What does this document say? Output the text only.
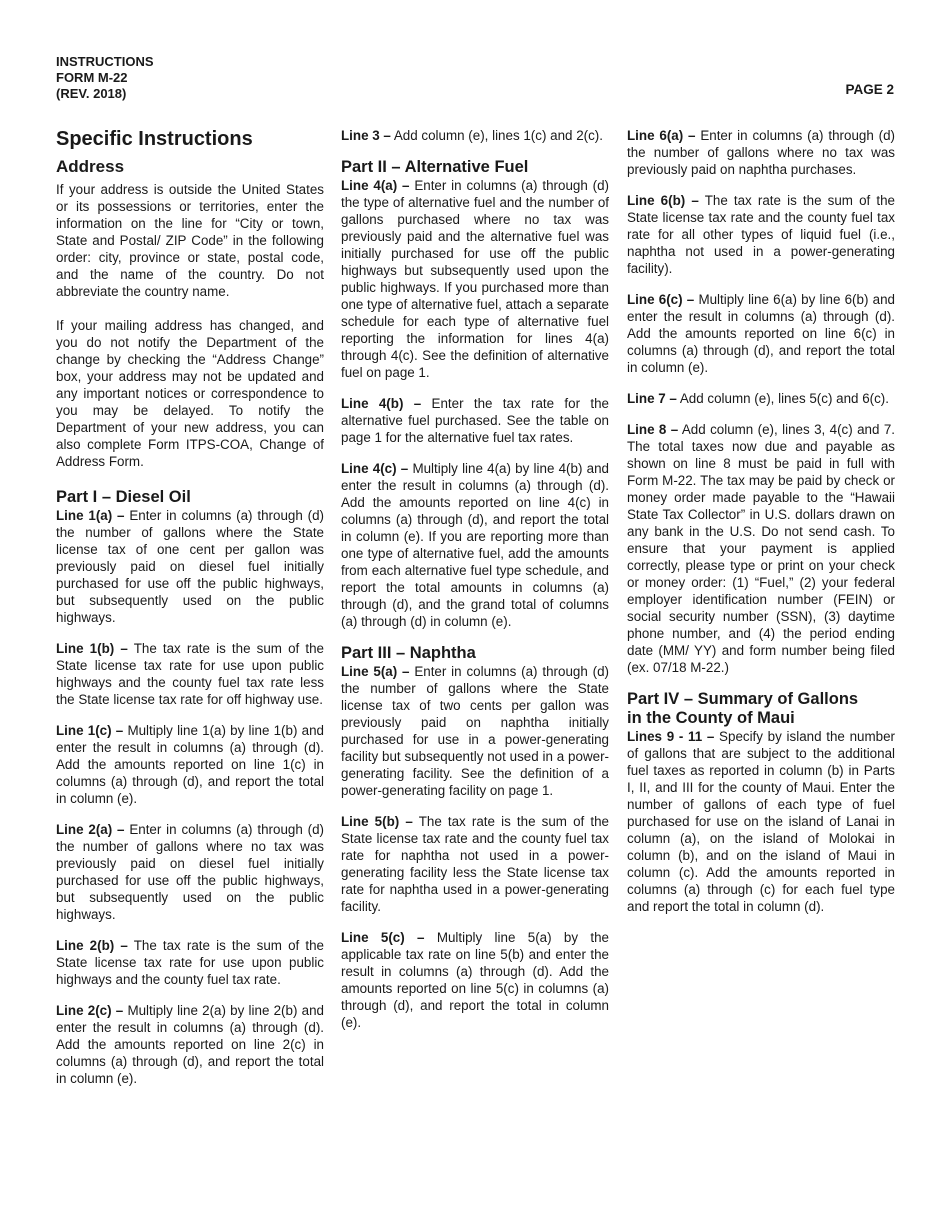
INSTRUCTIONS
FORM M-22
(REV. 2018)	PAGE 2
Specific Instructions
Address

If your address is outside the United States or its possessions or territories, enter the information on the line for “City or town, State and Postal/ ZIP Code” in the following order: city, province or state, postal code, and the name of the country. Do not abbreviate the country name.

If your mailing address has changed, and you do not notify the Department of the change by checking the “Address Change” box, your address may not be updated and any important notices or correspondence to you may be delayed. To notify the Department of your new address, you can also complete Form ITPS-COA, Change of Address Form.

Part I – Diesel Oil

Line 1(a) – Enter in columns (a) through (d) the number of gallons where the State license tax of one cent per gallon was previously paid on diesel fuel initially purchased for use off the public highways, but subsequently used on the public highways.

Line 1(b) – The tax rate is the sum of the State license tax rate for use upon public highways and the county fuel tax rate less the State license tax rate for off highway use.

Line 1(c) – Multiply line 1(a) by line 1(b) and enter the result in columns (a) through (d). Add the amounts reported on line 1(c) in columns (a) through (d), and report the total in column (e).

Line 2(a) – Enter in columns (a) through (d) the number of gallons where no tax was previously paid on diesel fuel initially purchased for use off the public highways, but subsequently used on the public highways.

Line 2(b) – The tax rate is the sum of the State license tax rate for use upon public highways and the county fuel tax rate.

Line 2(c) – Multiply line 2(a) by line 2(b) and enter the result in columns (a) through (d). Add the amounts reported on line 2(c) in columns (a) through (d), and report the total in column (e).

Line 3 – Add column (e), lines 1(c) and 2(c).

Part II – Alternative Fuel

Line 4(a) – Enter in columns (a) through (d) the type of alternative fuel and the number of gallons purchased where no tax was previously paid and the alternative fuel was initially purchased for use off the public highways but subsequently used upon the public highways. If you purchased more than one type of alternative fuel, attach a separate schedule for each type of alternative fuel reporting the information for lines 4(a) through 4(c). See the definition of alternative fuel on page 1.

Line 4(b) – Enter the tax rate for the alternative fuel purchased. See the table on page 1 for the alternative fuel tax rates.

Line 4(c) – Multiply line 4(a) by line 4(b) and enter the result in columns (a) through (d). Add the amounts reported on line 4(c) in columns (a) through (d), and report the total in column (e). If you are reporting more than one type of alternative fuel, add the amounts from each alternative fuel type schedule, and report the total amounts in columns (a) through (d), and the grand total of columns (a) through (d) in column (e).

Part III – Naphtha

Line 5(a) – Enter in columns (a) through (d) the number of gallons where the State license tax of two cents per gallon was previously paid on naphtha initially purchased for use in a power-generating facility but subsequently not used in a power-generating facility. See the definition of a power-generating facility on page 1.

Line 5(b) – The tax rate is the sum of the State license tax rate and the county fuel tax rate for naphtha not used in a power-generating facility less the State license tax rate for naphtha used in a power-generating facility.

Line 5(c) – Multiply line 5(a) by the applicable tax rate on line 5(b) and enter the result in columns (a) through (d). Add the amounts reported on line 5(c) in columns (a) through (d), and report the total in column (e).

Line 6(a) – Enter in columns (a) through (d) the number of gallons where no tax was previously paid on naphtha purchases.

Line 6(b) – The tax rate is the sum of the State license tax rate and the county fuel tax rate for all other types of liquid fuel (i.e., naphtha not used in a power-generating facility).

Line 6(c) – Multiply line 6(a) by line 6(b) and enter the result in columns (a) through (d). Add the amounts reported on line 6(c) in columns (a) through (d), and report the total in column (e).

Line 7 – Add column (e), lines 5(c) and 6(c).

Line 8 – Add column (e), lines 3, 4(c) and 7. The total taxes now due and payable as shown on line 8 must be paid in full with Form M-22. The tax may be paid by check or money order made payable to the “Hawaii State Tax Collector” in U.S. dollars drawn on any bank in the U.S. Do not send cash. To ensure that your payment is applied correctly, please type or print on your check or money order: (1) “Fuel,” (2) your federal employer identification number (FEIN) or social security number (SSN), (3) daytime phone number, and (4) the period ending date (MM/ YY) and form number being filed (ex. 07/18 M-22.)

Part IV – Summary of Gallons
in the County of Maui

Lines 9 - 11 – Specify by island the number of gallons that are subject to the additional fuel taxes as reported in column (b) in Parts I, II, and III for the county of Maui. Enter the number of gallons of each type of fuel purchased for use on the island of Lanai in column (a), on the island of Molokai in column (b), and on the island of Maui in column (c). Add the amounts reported in columns (a) through (c) for each fuel type and report the total in column (d).
